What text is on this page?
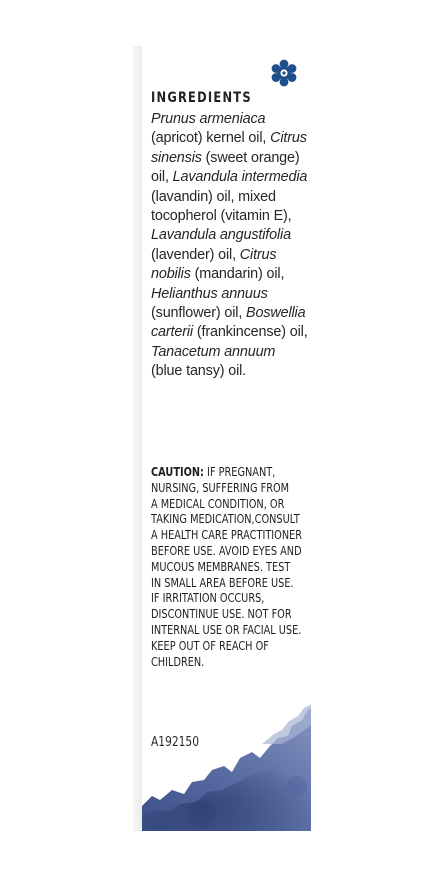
INGREDIENTS

Prunus armeniaca (apricot) kernel oil, Citrus sinensis (sweet orange) oil, Lavandula intermedia (lavandin) oil, mixed tocopherol (vitamin E), Lavandula angustifolia (lavender) oil, Citrus nobilis (mandarin) oil, Helianthus annuus (sunflower) oil, Boswellia carterii (frankincense) oil, Tanacetum annuum (blue tansy) oil.

CAUTION: IF PREGNANT,
NURSING, SUFFERING FROM
A MEDICAL CONDITION, OR
TAKING MEDICATION,CONSULT
A HEALTH CARE PRACTITIONER
BEFORE USE. AVOID EYES AND
MUCOUS MEMBRANES. TEST
IN SMALL AREA BEFORE USE.
IF IRRITATION OCCURS,
DISCONTINUE USE. NOT FOR
INTERNAL USE OR FACIAL USE.
KEEP OUT OF REACH OF
CHILDREN.

A192150
